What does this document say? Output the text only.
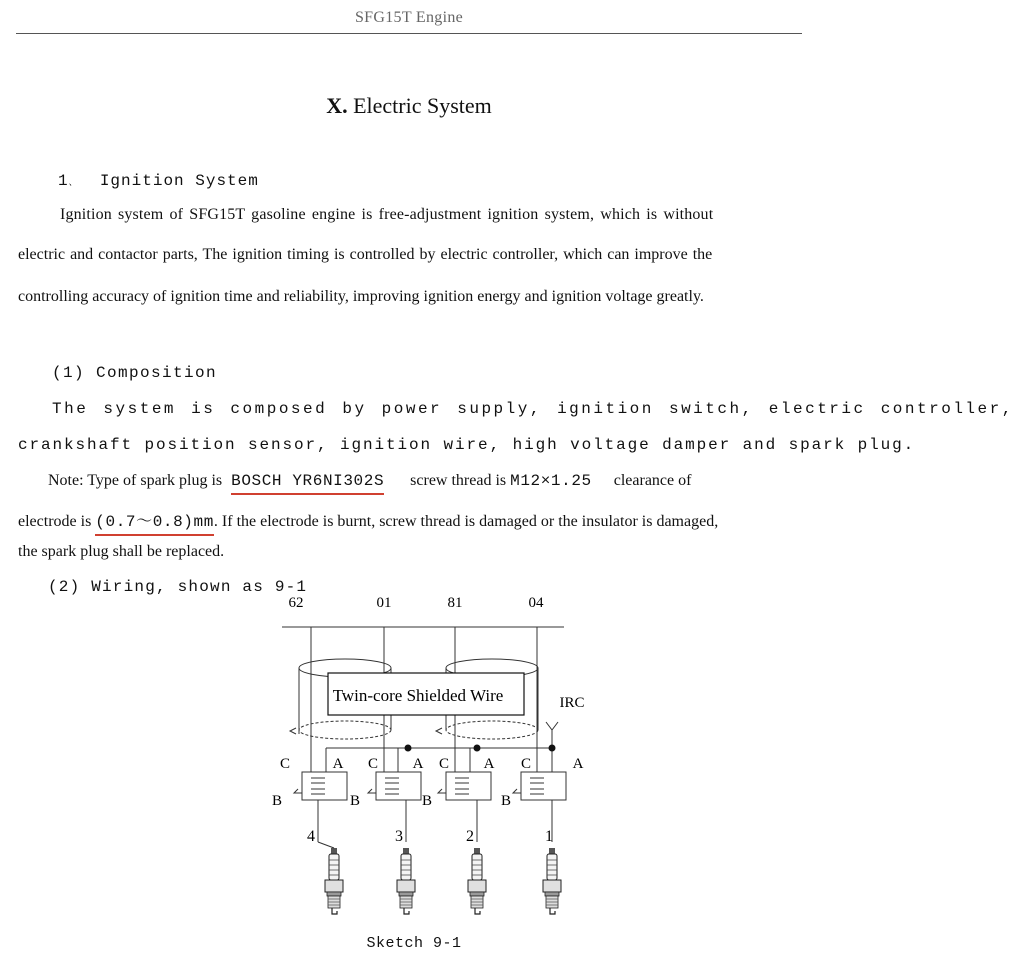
SFG15T Engine
X. Electric System
1、 Ignition System
Ignition system of SFG15T gasoline engine is free-adjustment ignition system, which is without
electric and contactor parts, The ignition timing is controlled by electric controller, which can improve the
controlling accuracy of ignition time and reliability, improving ignition energy and ignition voltage greatly.
(1) Composition
The system is composed by power supply, ignition switch, electric controller,
crankshaft position sensor, ignition wire, high voltage damper and spark plug.
Note: Type of spark plug is BOSCH YR6NI302S screw thread is M12×1.25 clearance of
electrode is (0.7～0.8)mm. If the electrode is burnt, screw thread is damaged or the insulator is damaged,
the spark plug shall be replaced.
(2) Wiring, shown as 9-1
62	01	81	04
Twin-core Shielded Wire	IRC
C	A C A C A C	A
B	B	B	B
4	3	2	1
Sketch 9-1
